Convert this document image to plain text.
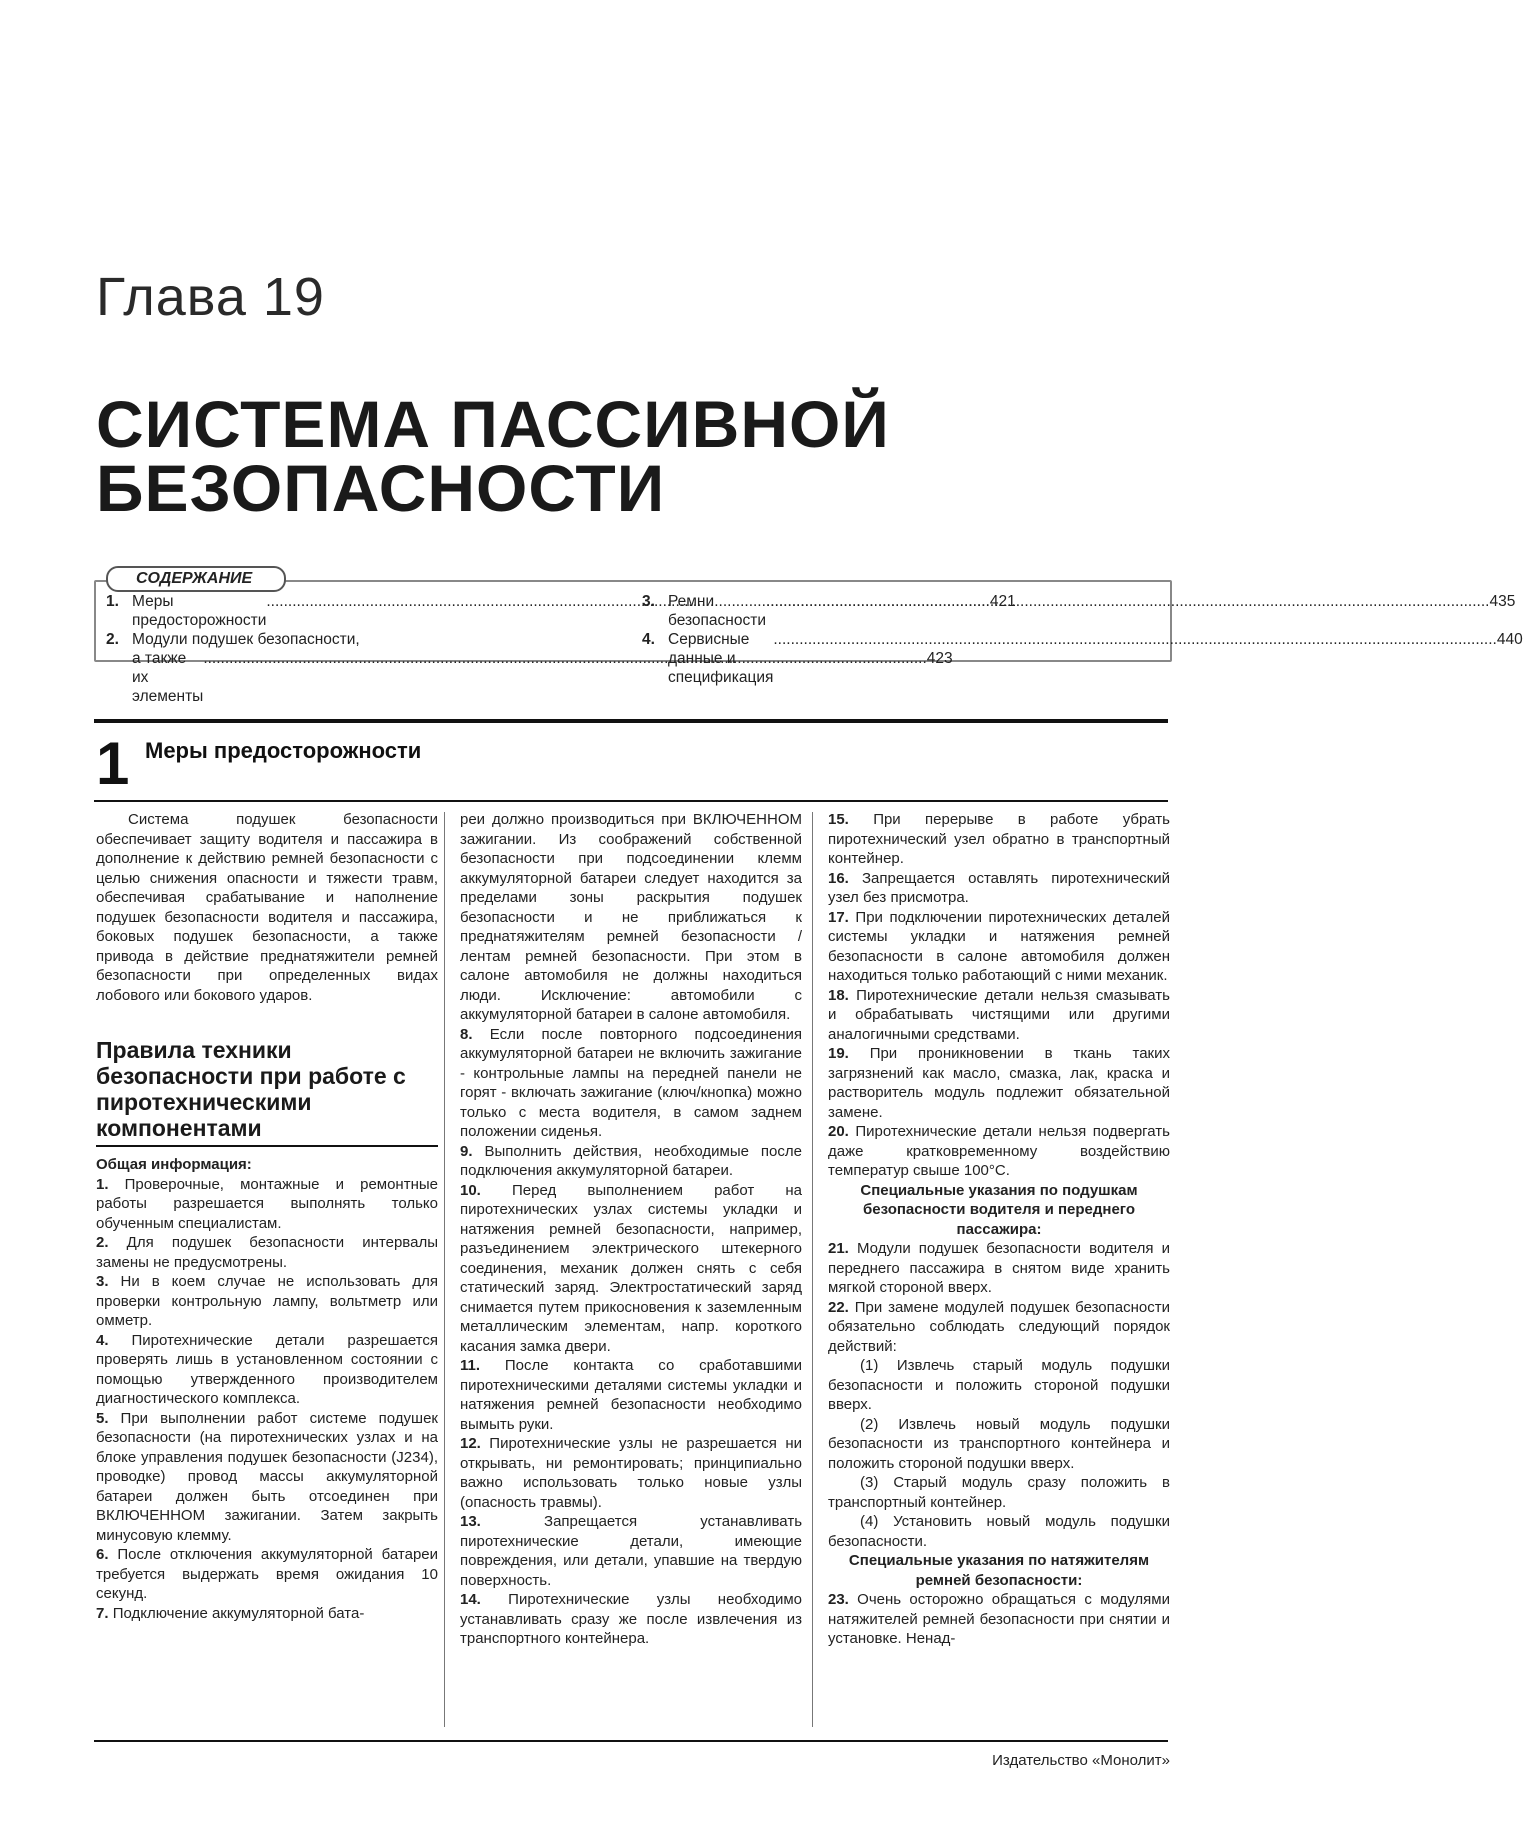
Глава 19
СИСТЕМА ПАССИВНОЙ
БЕЗОПАСНОСТИ
СОДЕРЖАНИЕ
1. Меры предосторожности
.....
421
2. Модули подушек безопасности,
а также их элементы
.....
423
3. Ремни безопасности
.....
435
4. Сервисные данные и спецификация
.....
440
1 Меры предосторожности

Система подушек безопасности обеспечивает защиту водителя и пассажира в дополнение к действию ремней безопасности с целью снижения опасности и тяжести травм, обеспечивая срабатывание и наполнение подушек безопасности водителя и пассажира, боковых подушек безопасности, а также привода в действие преднатяжители ремней безопасности при определенных видах лобового или бокового ударов.

Правила техники безопасности при работе с пиротехническими компонентами

Общая информация:

1. Проверочные, монтажные и ремонтные работы разрешается выполнять только обученным специалистам.

2. Для подушек безопасности интервалы замены не предусмотрены.

3. Ни в коем случае не использовать для проверки контрольную лампу, вольтметр или омметр.

4. Пиротехнические детали разрешается проверять лишь в установленном состоянии с помощью утвержденного производителем диагностического комплекса.

5. При выполнении работ системе подушек безопасности (на пиротехнических узлах и на блоке управления подушек безопасности (J234), проводке) провод массы аккумуляторной батареи должен быть отсоединен при ВКЛЮЧЕННОМ зажигании. Затем закрыть минусовую клемму.

6. После отключения аккумуляторной батареи требуется выдержать время ожидания 10 секунд.

7. Подключение аккумуляторной бата-

реи должно производиться при ВКЛЮЧЕННОМ зажигании. Из соображений собственной безопасности при подсоединении клемм аккумуляторной батареи следует находится за пределами зоны раскрытия подушек безопасности и не приближаться к преднатяжителям ремней безопасности / лентам ремней безопасности. При этом в салоне автомобиля не должны находиться люди. Исключение: автомобили с аккумуляторной батареи в салоне автомобиля.

8. Если после повторного подсоединения аккумуляторной батареи не включить зажигание - контрольные лампы на передней панели не горят - включать зажигание (ключ/кнопка) можно только с места водителя, в самом заднем положении сиденья.

9. Выполнить действия, необходимые после подключения аккумуляторной батареи.

10. Перед выполнением работ на пиротехнических узлах системы укладки и натяжения ремней безопасности, например, разъединением электрического штекерного соединения, механик должен снять с себя статический заряд. Электростатический заряд снимается путем прикосновения к заземленным металлическим элементам, напр. короткого касания замка двери.

11. После контакта со сработавшими пиротехническими деталями системы укладки и натяжения ремней безопасности необходимо вымыть руки.

12. Пиротехнические узлы не разрешается ни открывать, ни ремонтировать; принципиально важно использовать только новые узлы (опасность травмы).

13.	Запрещается устанавливать пиротехнические детали, имеющие повреждения, или детали, упавшие на твердую поверхность.

14. Пиротехнические узлы необходимо устанавливать сразу же после извлечения из транспортного контейнера.

15. При перерыве в работе убрать пиротехнический узел обратно в транспортный контейнер.

16. Запрещается оставлять пиротехнический узел без присмотра.

17. При подключении пиротехнических деталей системы укладки и натяжения ремней безопасности в салоне автомобиля должен находиться только работающий с ними механик.

18. Пиротехнические детали нельзя смазывать и обрабатывать чистящими или другими аналогичными средствами.

19. При проникновении в ткань таких загрязнений как масло, смазка, лак, краска и растворитель модуль подлежит обязательной замене.

20. Пиротехнические детали нельзя подвергать даже кратковременному воздействию температур свыше 100°С.

Специальные указания по подушкам безопасности водителя и переднего пассажира:

21. Модули подушек безопасности водителя и переднего пассажира в снятом виде хранить мягкой стороной вверх.

22. При замене модулей подушек безопасности обязательно соблюдать следующий порядок действий:

(1) Извлечь старый модуль подушки безопасности и положить стороной подушки вверх.

(2) Извлечь новый модуль подушки безопасности из транспортного контейнера и положить стороной подушки вверх.

(3) Старый модуль сразу положить в транспортный контейнер.

(4) Установить новый модуль подушки безопасности.

Специальные указания по натяжителям ремней безопасности:

23. Очень осторожно обращаться с модулями натяжителей ремней безопасности при снятии и установке. Ненад-

Издательство «Монолит»
